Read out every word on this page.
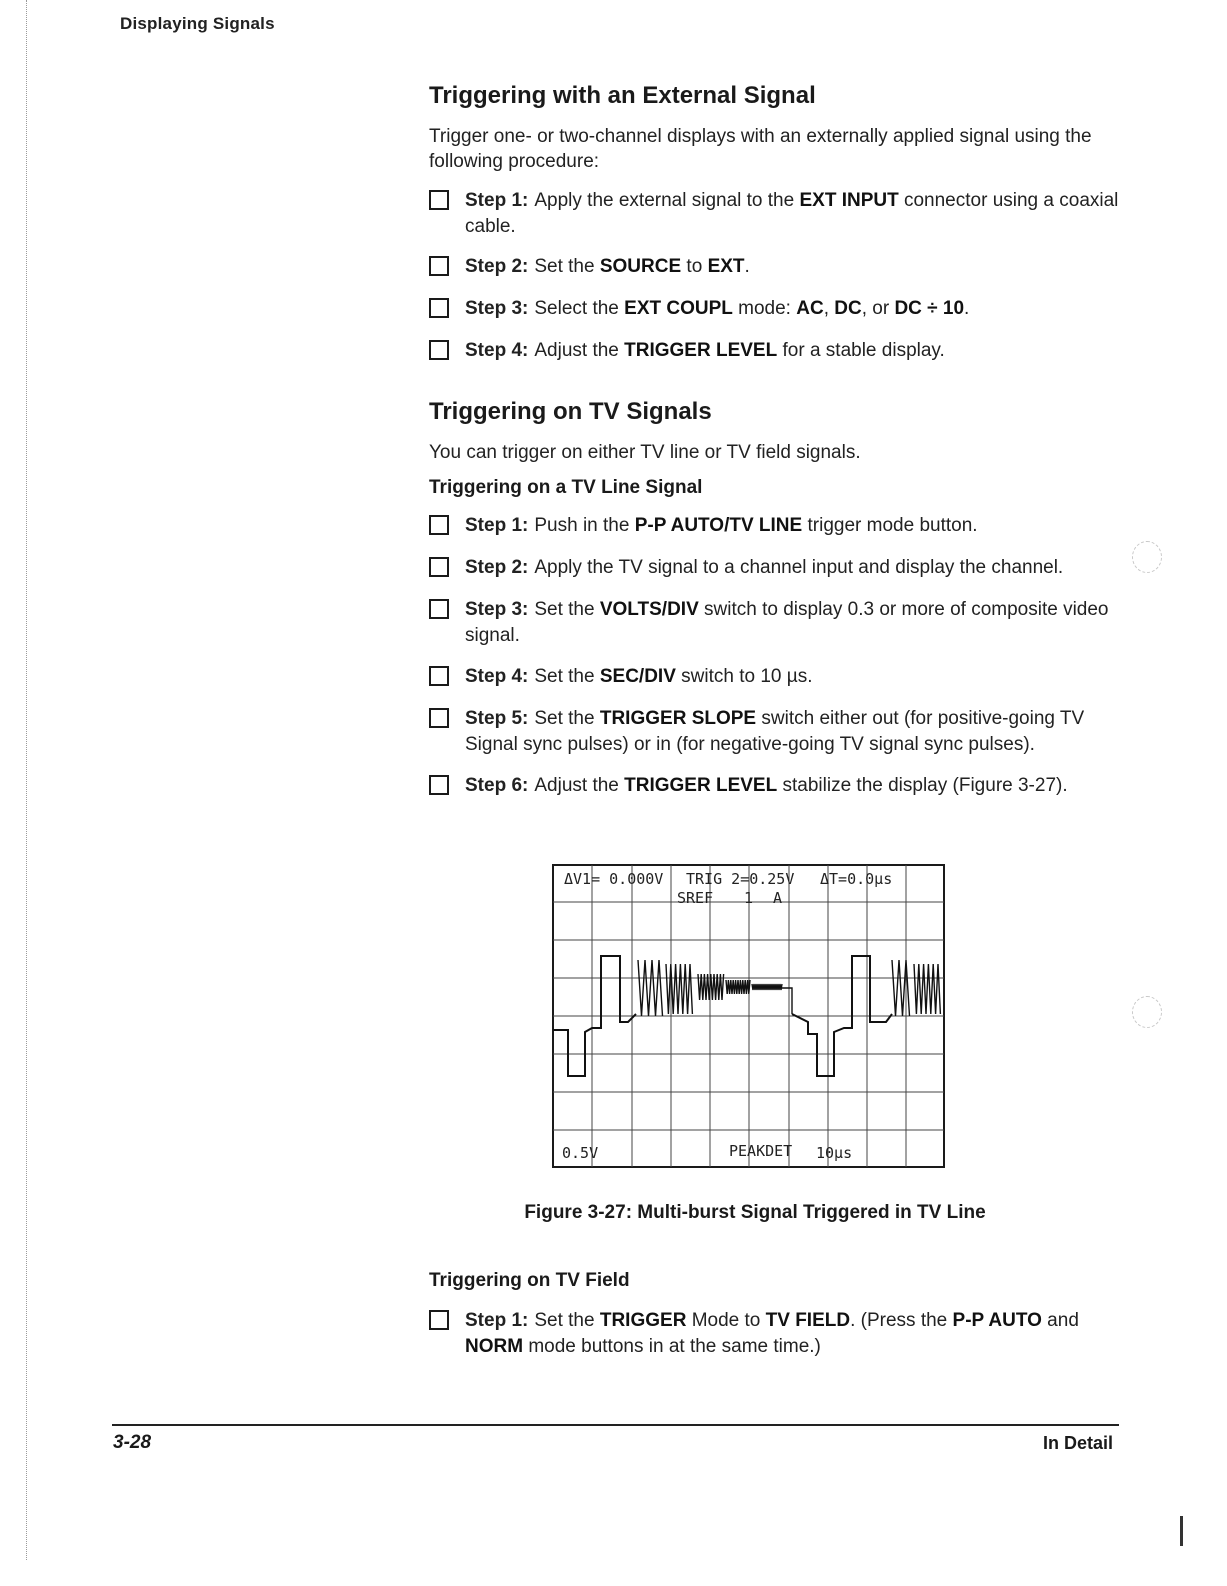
Displaying Signals
Triggering with an External Signal

Trigger one- or two-channel displays with an externally applied signal using the following procedure:

Step 1: Apply the external signal to the EXT INPUT connector using a coaxial cable.
Step 2: Set the SOURCE to EXT.
Step 3: Select the EXT COUPL mode: AC, DC, or DC ÷ 10.
Step 4: Adjust the TRIGGER LEVEL for a stable display.
Triggering on TV Signals

You can trigger on either TV line or TV field signals.

Triggering on a TV Line Signal
Step 1: Push in the P-P AUTO/TV LINE trigger mode button.
Step 2: Apply the TV signal to a channel input and display the channel.
Step 3: Set the VOLTS/DIV switch to display 0.3 or more of composite video signal.
Step 4: Set the SEC/DIV switch to 10 µs.
Step 5: Set the TRIGGER SLOPE switch either out (for positive-going TV Signal sync pulses) or in (for negative-going TV signal sync pulses).
Step 6: Adjust the TRIGGER LEVEL stabilize the display (Figure 3-27).
ΔV1= 0.000V TRIG 2=0.25V ΔT=0.0µs
SREF 1 A
0.5V	PEAKDET 10µs
Figure 3-27: Multi-burst Signal Triggered in TV Line
Triggering on TV Field
Step 1: Set the TRIGGER Mode to TV FIELD. (Press the P-P AUTO and NORM mode buttons in at the same time.)
3-28	In Detail
